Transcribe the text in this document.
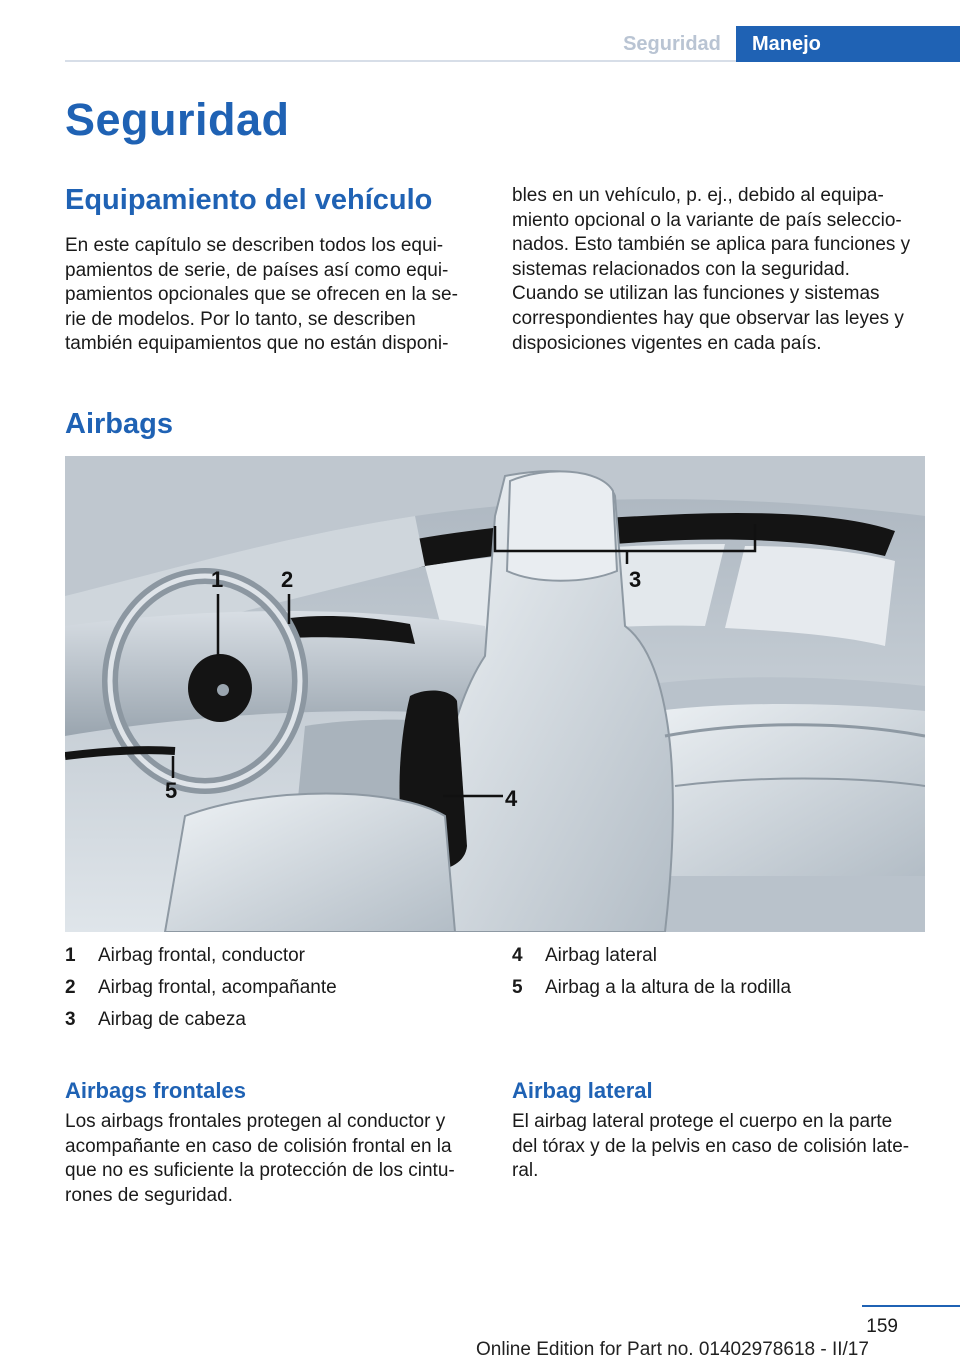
Seguridad	Manejo
Seguridad
Equipamiento del vehículo
En este capítulo se describen todos los equi‐
pamientos de serie, de países así como equi‐
pamientos opcionales que se ofrecen en la se‐
rie de modelos. Por lo tanto, se describen
también equipamientos que no están disponi‐
bles en un vehículo, p. ej., debido al equipa‐
miento opcional o la variante de país seleccio‐
nados. Esto también se aplica para funciones y
sistemas relacionados con la seguridad.
Cuando se utilizan las funciones y sistemas
correspondientes hay que observar las leyes y
disposiciones vigentes en cada país.
Airbags
1	2	3
4
5
1 Airbag frontal, conductor
2 Airbag frontal, acompañante
3 Airbag de cabeza
4 Airbag lateral
5 Airbag a la altura de la rodilla
Airbags frontales
Los airbags frontales protegen al conductor y
acompañante en caso de colisión frontal en la
que no es suficiente la protección de los cintu‐
rones de seguridad.
Airbag lateral
El airbag lateral protege el cuerpo en la parte
del tórax y de la pelvis en caso de colisión late‐
ral.
159
Online Edition for Part no. 01402978618 - II/17
